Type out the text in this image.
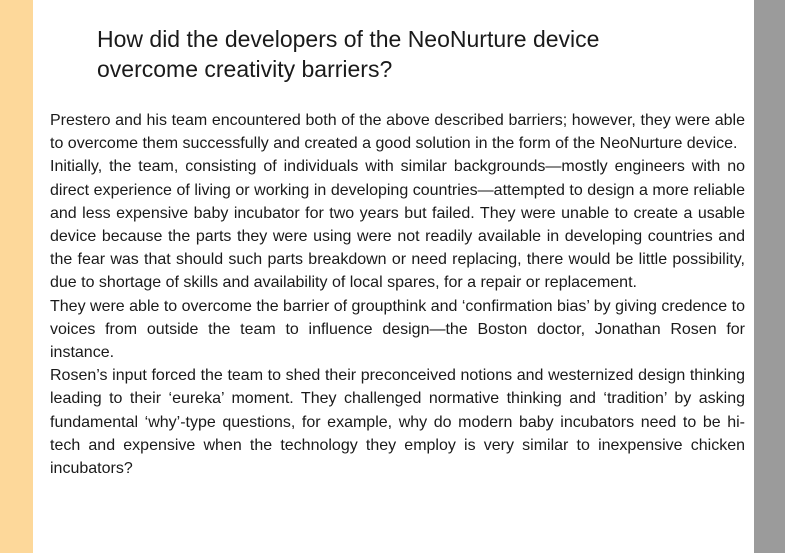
How did the developers of the NeoNurture device
overcome creativity barriers?

Prestero and his team encountered both of the above described barriers; however, they were able to overcome them successfully and created a good solution in the form of the NeoNurture device.

Initially, the team, consisting of individuals with similar backgrounds—mostly engineers with no direct experience of living or working in developing countries—attempted to design a more reliable and less expensive baby incubator for two years but failed. They were unable to create a usable device because the parts they were using were not readily available in developing countries and the fear was that should such parts breakdown or need replacing, there would be little possibility, due to shortage of skills and availability of local spares, for a repair or replacement.

They were able to overcome the barrier of groupthink and ‘confirmation bias’ by giving credence to voices from outside the team to influence design—the Boston doctor, Jonathan Rosen for instance.

Rosen’s input forced the team to shed their preconceived notions and westernized design thinking leading to their ‘eureka’ moment. They challenged normative thinking and ‘tradition’ by asking fundamental ‘why’-type questions, for example, why do modern baby incubators need to be hi-tech and expensive when the technology they employ is very similar to inexpensive chicken incubators?
